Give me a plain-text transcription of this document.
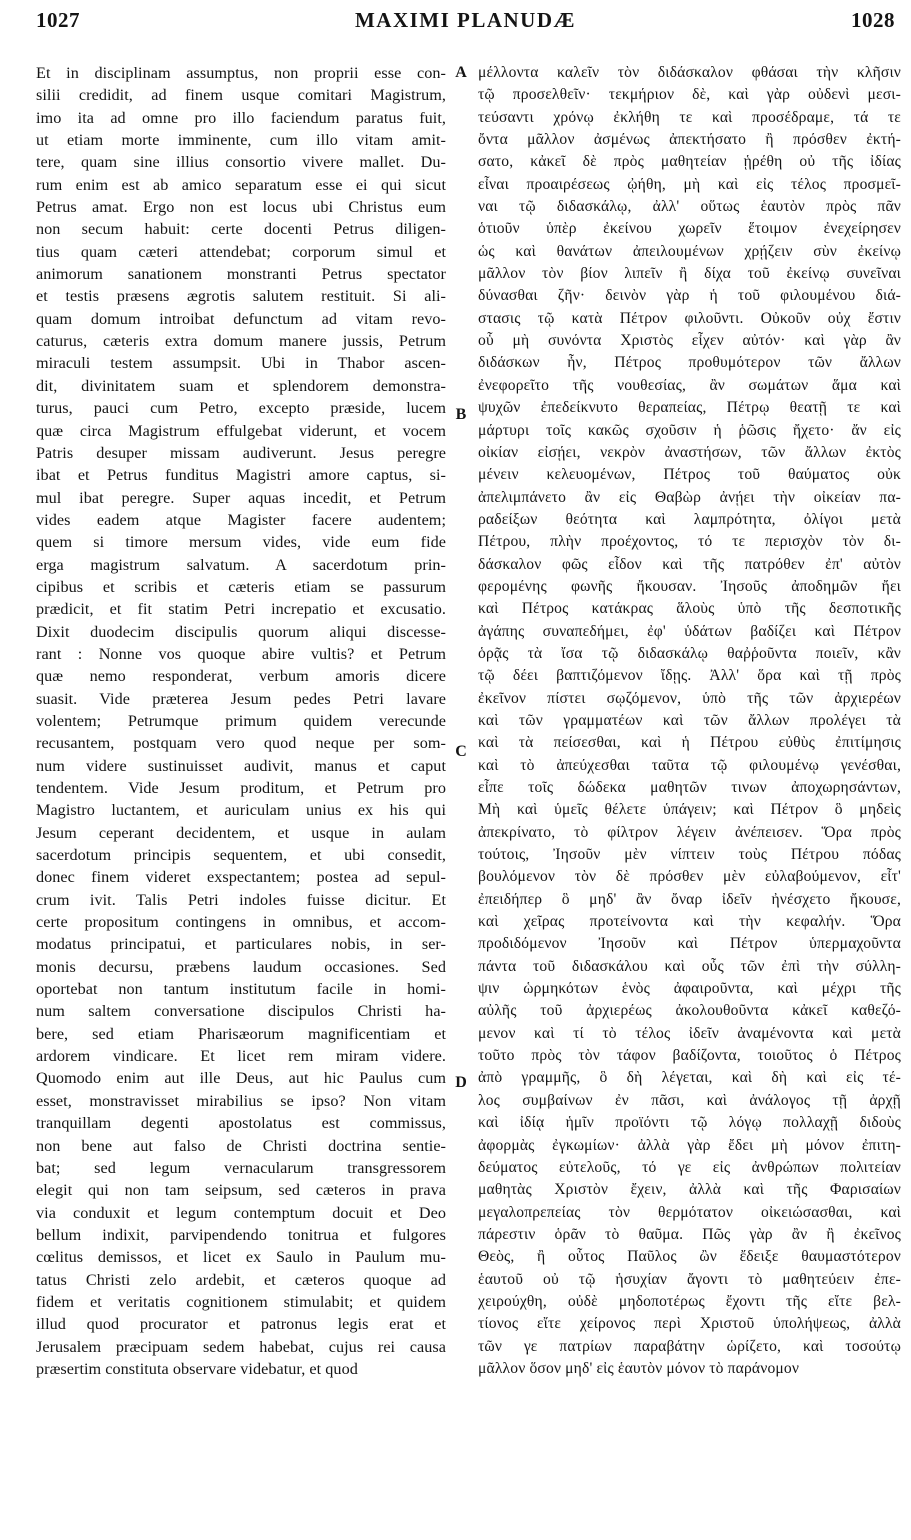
1027	MAXIMI PLANUDÆ	1028
Et in disciplinam assumptus, non proprii esse con-
silii credidit, ad finem usque comitari Magistrum,
imo ita ad omne pro illo faciendum paratus fuit,
ut etiam morte imminente, cum illo vitam amit-
tere, quam sine illius consortio vivere mallet. Du-
rum enim est ab amico separatum esse ei qui sicut
Petrus amat. Ergo non est locus ubi Christus eum
non secum habuit: certe docenti Petrus diligen-
tius quam cæteri attendebat; corporum simul et
animorum sanationem monstranti Petrus spectator
et testis præsens ægrotis salutem restituit. Si ali-
quam domum introibat defunctum ad vitam revo-
caturus, cæteris extra domum manere jussis, Petrum
miraculi testem assumpsit. Ubi in Thabor ascen-
dit, divinitatem suam et splendorem demonstra-
turus, pauci cum Petro, excepto præside, lucem
quæ circa Magistrum effulgebat viderunt, et vocem
Patris desuper missam audiverunt. Jesus peregre
ibat et Petrus funditus Magistri amore captus, si-
mul ibat peregre. Super aquas incedit, et Petrum
vides eadem atque Magister facere audentem;
quem si timore mersum vides, vide eum fide
erga magistrum salvatum. A sacerdotum prin-
cipibus et scribis et cæteris etiam se passurum
prædicit, et fit statim Petri increpatio et excusatio.
Dixit duodecim discipulis quorum aliqui discesse-
rant : Nonne vos quoque abire vultis? et Petrum
quæ nemo responderat, verbum amoris dicere
suasit. Vide præterea Jesum pedes Petri lavare
volentem; Petrumque primum quidem verecunde
recusantem, postquam vero quod neque per som-
num videre sustinuisset audivit, manus et caput
tendentem. Vide Jesum proditum, et Petrum pro
Magistro luctantem, et auriculam unius ex his qui
Jesum ceperant decidentem, et usque in aulam
sacerdotum principis sequentem, et ubi consedit,
donec finem videret exspectantem; postea ad sepul-
crum ivit. Talis Petri indoles fuisse dicitur. Et
certe propositum contingens in omnibus, et accom-
modatus principatui, et particulares nobis, in ser-
monis decursu, præbens laudum occasiones. Sed
oportebat non tantum institutum facile in homi-
num saltem conversatione discipulos Christi ha-
bere, sed etiam Pharisæorum magnificentiam et
ardorem vindicare. Et licet rem miram videre.
Quomodo enim aut ille Deus, aut hic Paulus cum
esset, monstravisset mirabilius se ipso? Non vitam
tranquillam degenti apostolatus est commissus,
non bene aut falso de Christi doctrina sentie-
bat; sed legum vernacularum transgressorem
elegit qui non tam seipsum, sed cæteros in prava
via conduxit et legum contemptum docuit et Deo
bellum indixit, parvipendendo tonitrua et fulgores
cœlitus demissos, et licet ex Saulo in Paulum mu-
tatus Christi zelo ardebit, et cæteros quoque ad
fidem et veritatis cognitionem stimulabit; et quidem
illud quod procurator et patronus legis erat et
Jerusalem præcipuam sedem habebat, cujus rei causa
præsertim constituta observare videbatur, et quod
A
B
C
D
μέλλοντα καλεῖν τὸν διδάσκαλον φθάσαι τὴν κλῆσιν
τῷ προσελθεῖν· τεκμήριον δὲ, καὶ γὰρ οὐδενὶ μεσι-
τεύσαντι χρόνῳ ἐκλήθη τε καὶ προσέδραμε, τά τε
ὄντα μᾶλλον ἀσμένως ἀπεκτήσατο ἢ πρόσθεν ἐκτή-
σατο, κἀκεῖ δὲ πρὸς μαθητείαν ᾑρέθη οὐ τῆς ἰδίας
εἶναι προαιρέσεως ᾠήθη, μὴ καὶ εἰς τέλος προσμεῖ-
ναι τῷ διδασκάλῳ, ἀλλ' οὕτως ἑαυτὸν πρὸς πᾶν
ὁτιοῦν ὑπὲρ ἐκείνου χωρεῖν ἕτοιμον ἐνεχείρησεν
ὡς καὶ θανάτων ἀπειλουμένων χρῄζειν σὺν ἐκείνῳ
μᾶλλον τὸν βίον λιπεῖν ἢ δίχα τοῦ ἐκείνῳ συνεῖναι
δύνασθαι ζῆν· δεινὸν γὰρ ἡ τοῦ φιλουμένου διά-
στασις τῷ κατὰ Πέτρον φιλοῦντι. Οὐκοῦν οὐχ ἔστιν
οὗ μὴ συνόντα Χριστὸς εἶχεν αὐτόν· καὶ γὰρ ἂν
διδάσκων ἦν, Πέτρος προθυμότερον τῶν ἄλλων
ἐνεφορεῖτο τῆς νουθεσίας, ἂν σωμάτων ἅμα καὶ
ψυχῶν ἐπεδείκνυτο θεραπείας, Πέτρῳ θεατῇ τε καὶ
μάρτυρι τοῖς κακῶς σχοῦσιν ἡ ῥῶσις ἤχετο· ἄν εἰς
οἰκίαν εἰσῄει, νεκρὸν ἀναστήσων, τῶν ἄλλων ἐκτὸς
μένειν κελευομένων, Πέτρος τοῦ θαύματος οὐκ
ἀπελιμπάνετο ἂν εἰς Θαβὼρ ἀνῄει τὴν οἰκείαν πα-
ραδείξων θεότητα καὶ λαμπρότητα, ὀλίγοι μετὰ
Πέτρου, πλὴν προέχοντος, τό τε περισχὸν τὸν δι-
δάσκαλον φῶς εἶδον καὶ τῆς πατρόθεν ἐπ' αὐτὸν
φερομένης φωνῆς ἤκουσαν. Ἰησοῦς ἀποδημῶν ἤει
καὶ Πέτρος κατάκρας ἅλοὺς ὑπὸ τῆς δεσποτικῆς
ἀγάπης συναπεδήμει, ἐφ' ὑδάτων βαδίζει καὶ Πέτρον
ὁρᾷς τὰ ἴσα τῷ διδασκάλῳ θαῤῥοῦντα ποιεῖν, κἂν
τῷ δέει βαπτιζόμενον ἴδῃς. Ἀλλ' ὅρα καὶ τῇ πρὸς
ἐκεῖνον πίστει σῳζόμενον, ὑπὸ τῆς τῶν ἀρχιερέων
καὶ τῶν γραμματέων καὶ τῶν ἄλλων προλέγει τὰ
καὶ τὰ πείσεσθαι, καὶ ἡ Πέτρου εὐθὺς ἐπιτίμησις
καὶ τὸ ἀπεύχεσθαι ταῦτα τῷ φιλουμένῳ γενέσθαι,
εἶπε τοῖς δώδεκα μαθητῶν τινων ἀποχωρησάντων,
Μὴ καὶ ὑμεῖς θέλετε ὑπάγειν; καὶ Πέτρον ὃ μηδεὶς
ἀπεκρίνατο, τὸ φίλτρον λέγειν ἀνέπεισεν. Ὅρα πρὸς
τούτοις, Ἰησοῦν μὲν νίπτειν τοὺς Πέτρου πόδας
βουλόμενον τὸν δὲ πρόσθεν μὲν εὐλαβούμενον, εἶτ'
ἐπειδήπερ ὃ μηδ' ἂν ὄναρ ἰδεῖν ἠνέσχετο ἤκουσε,
καὶ χεῖρας προτείνοντα καὶ τὴν κεφαλήν. Ὅρα
προδιδόμενον Ἰησοῦν καὶ Πέτρον ὑπερμαχοῦντα
πάντα τοῦ διδασκάλου καὶ οὖς τῶν ἐπὶ τὴν σύλλη-
ψιν ὡρμηκότων ἑνὸς ἀφαιροῦντα, καὶ μέχρι τῆς
αὐλῆς τοῦ ἀρχιερέως ἀκολουθοῦντα κἀκεῖ καθεζό-
μενον καὶ τί τὸ τέλος ἰδεῖν ἀναμένοντα καὶ μετὰ
τοῦτο πρὸς τὸν τάφον βαδίζοντα, τοιοῦτος ὁ Πέτρος
ἀπὸ γραμμῆς, ὃ δὴ λέγεται, καὶ δὴ καὶ εἰς τέ-
λος συμβαίνων ἐν πᾶσι, καὶ ἀνάλογος τῇ ἀρχῇ
καὶ ἰδίᾳ ἡμῖν προϊόντι τῷ λόγῳ πολλαχῇ διδοὺς
ἀφορμὰς ἐγκωμίων· ἀλλὰ γὰρ ἔδει μὴ μόνον ἐπιτη-
δεύματος εὐτελοῦς, τό γε εἰς ἀνθρώπων πολιτείαν
μαθητὰς Χριστὸν ἔχειν, ἀλλὰ καὶ τῆς Φαρισαίων
μεγαλοπρεπείας τὸν θερμότατον οἰκειώσασθαι, καὶ
πάρεστιν ὁρᾶν τὸ θαῦμα. Πῶς γὰρ ἂν ἢ ἐκεῖνος
Θεὸς, ἢ οὗτος Παῦλος ὢν ἔδειξε θαυμαστότερον
ἑαυτοῦ οὐ τῷ ἡσυχίαν ἄγοντι τὸ μαθητεύειν ἐπε-
χειρούχθη, οὐδὲ μηδοποτέρως ἔχοντι τῆς εἴτε βελ-
τίονος εἴτε χείρονος περὶ Χριστοῦ ὑπολήψεως, ἀλλὰ
τῶν γε πατρίων παραβάτην ὡρίζετο, καὶ τοσούτῳ
μᾶλλον ὅσον μηδ' εἰς ἑαυτὸν μόνον τὸ παράνομον
